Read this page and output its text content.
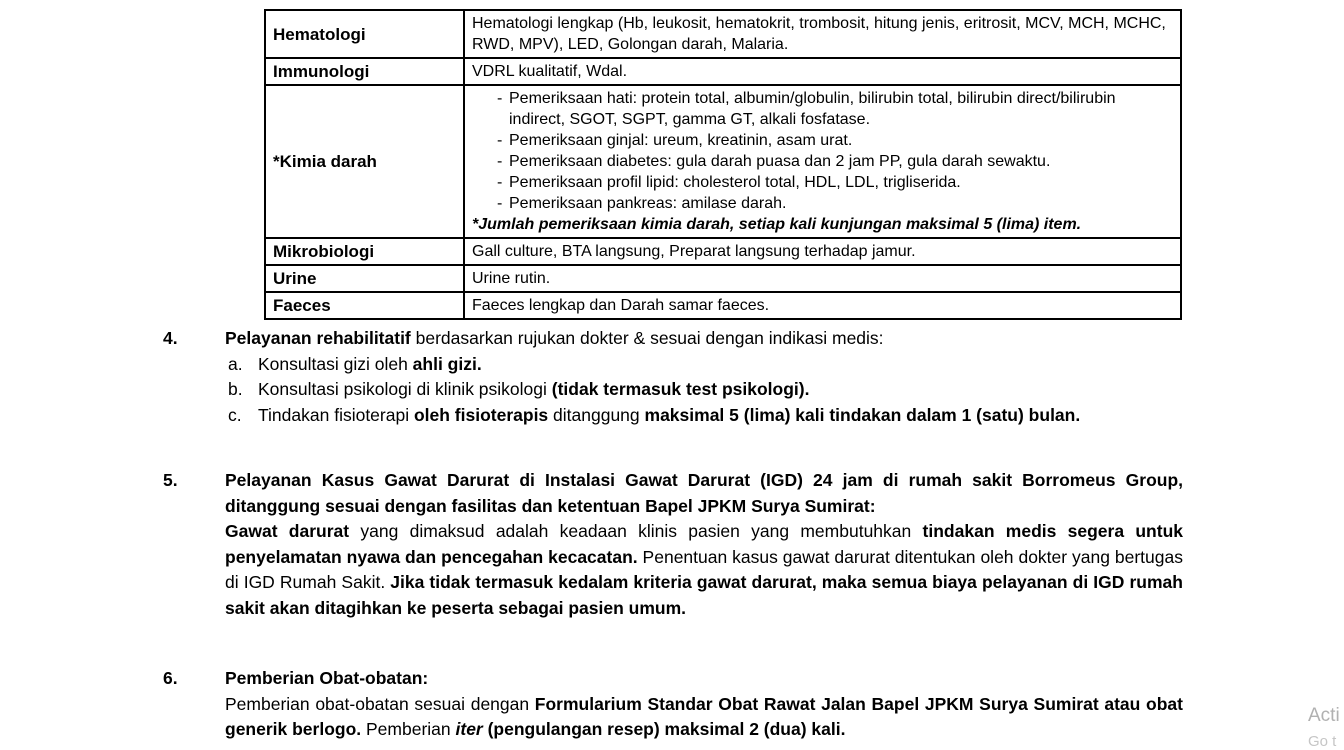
Hematologi	Hematologi lengkap (Hb, leukosit, hematokrit, trombosit, hitung jenis, eritrosit, MCV, MCH, MCHC, RWD, MPV), LED, Golongan darah, Malaria.

Immunologi	VDRL kualitatif, Wdal.

*Kimia darah	
- Pemeriksaan hati: protein total, albumin/globulin, bilirubin total, bilirubin direct/bilirubin indirect, SGOT, SGPT, gamma GT, alkali fosfatase.
- Pemeriksaan ginjal: ureum, kreatinin, asam urat.
- Pemeriksaan diabetes: gula darah puasa dan 2 jam PP, gula darah sewaktu.
- Pemeriksaan profil lipid: cholesterol total, HDL, LDL, trigliserida.
- Pemeriksaan pankreas: amilase darah.
*Jumlah pemeriksaan kimia darah, setiap kali kunjungan maksimal 5 (lima) item.

Mikrobiologi	Gall culture, BTA langsung, Preparat langsung terhadap jamur.

Urine	Urine rutin.

Faeces	Faeces lengkap dan Darah samar faeces.
4.	Pelayanan rehabilitatif berdasarkan rujukan dokter & sesuai dengan indikasi medis:
a. Konsultasi gizi oleh ahli gizi.
b. Konsultasi psikologi di klinik psikologi (tidak termasuk test psikologi).
c. Tindakan fisioterapi oleh fisioterapis ditanggung maksimal 5 (lima) kali tindakan dalam 1 (satu) bulan.
5.	Pelayanan Kasus Gawat Darurat di Instalasi Gawat Darurat (IGD) 24 jam di rumah sakit Borromeus Group, ditanggung sesuai dengan fasilitas dan ketentuan Bapel JPKM Surya Sumirat:
Gawat darurat yang dimaksud adalah keadaan klinis pasien yang membutuhkan tindakan medis segera untuk penyelamatan nyawa dan pencegahan kecacatan. Penentuan kasus gawat darurat ditentukan oleh dokter yang bertugas di IGD Rumah Sakit. Jika tidak termasuk kedalam kriteria gawat darurat, maka semua biaya pelayanan di IGD rumah sakit akan ditagihkan ke peserta sebagai pasien umum.
6.	Pemberian Obat-obatan:
Pemberian obat-obatan sesuai dengan Formularium Standar Obat Rawat Jalan Bapel JPKM Surya Sumirat atau obat generik berlogo. Pemberian iter (pengulangan resep) maksimal 2 (dua) kali.
Acti
Go t
